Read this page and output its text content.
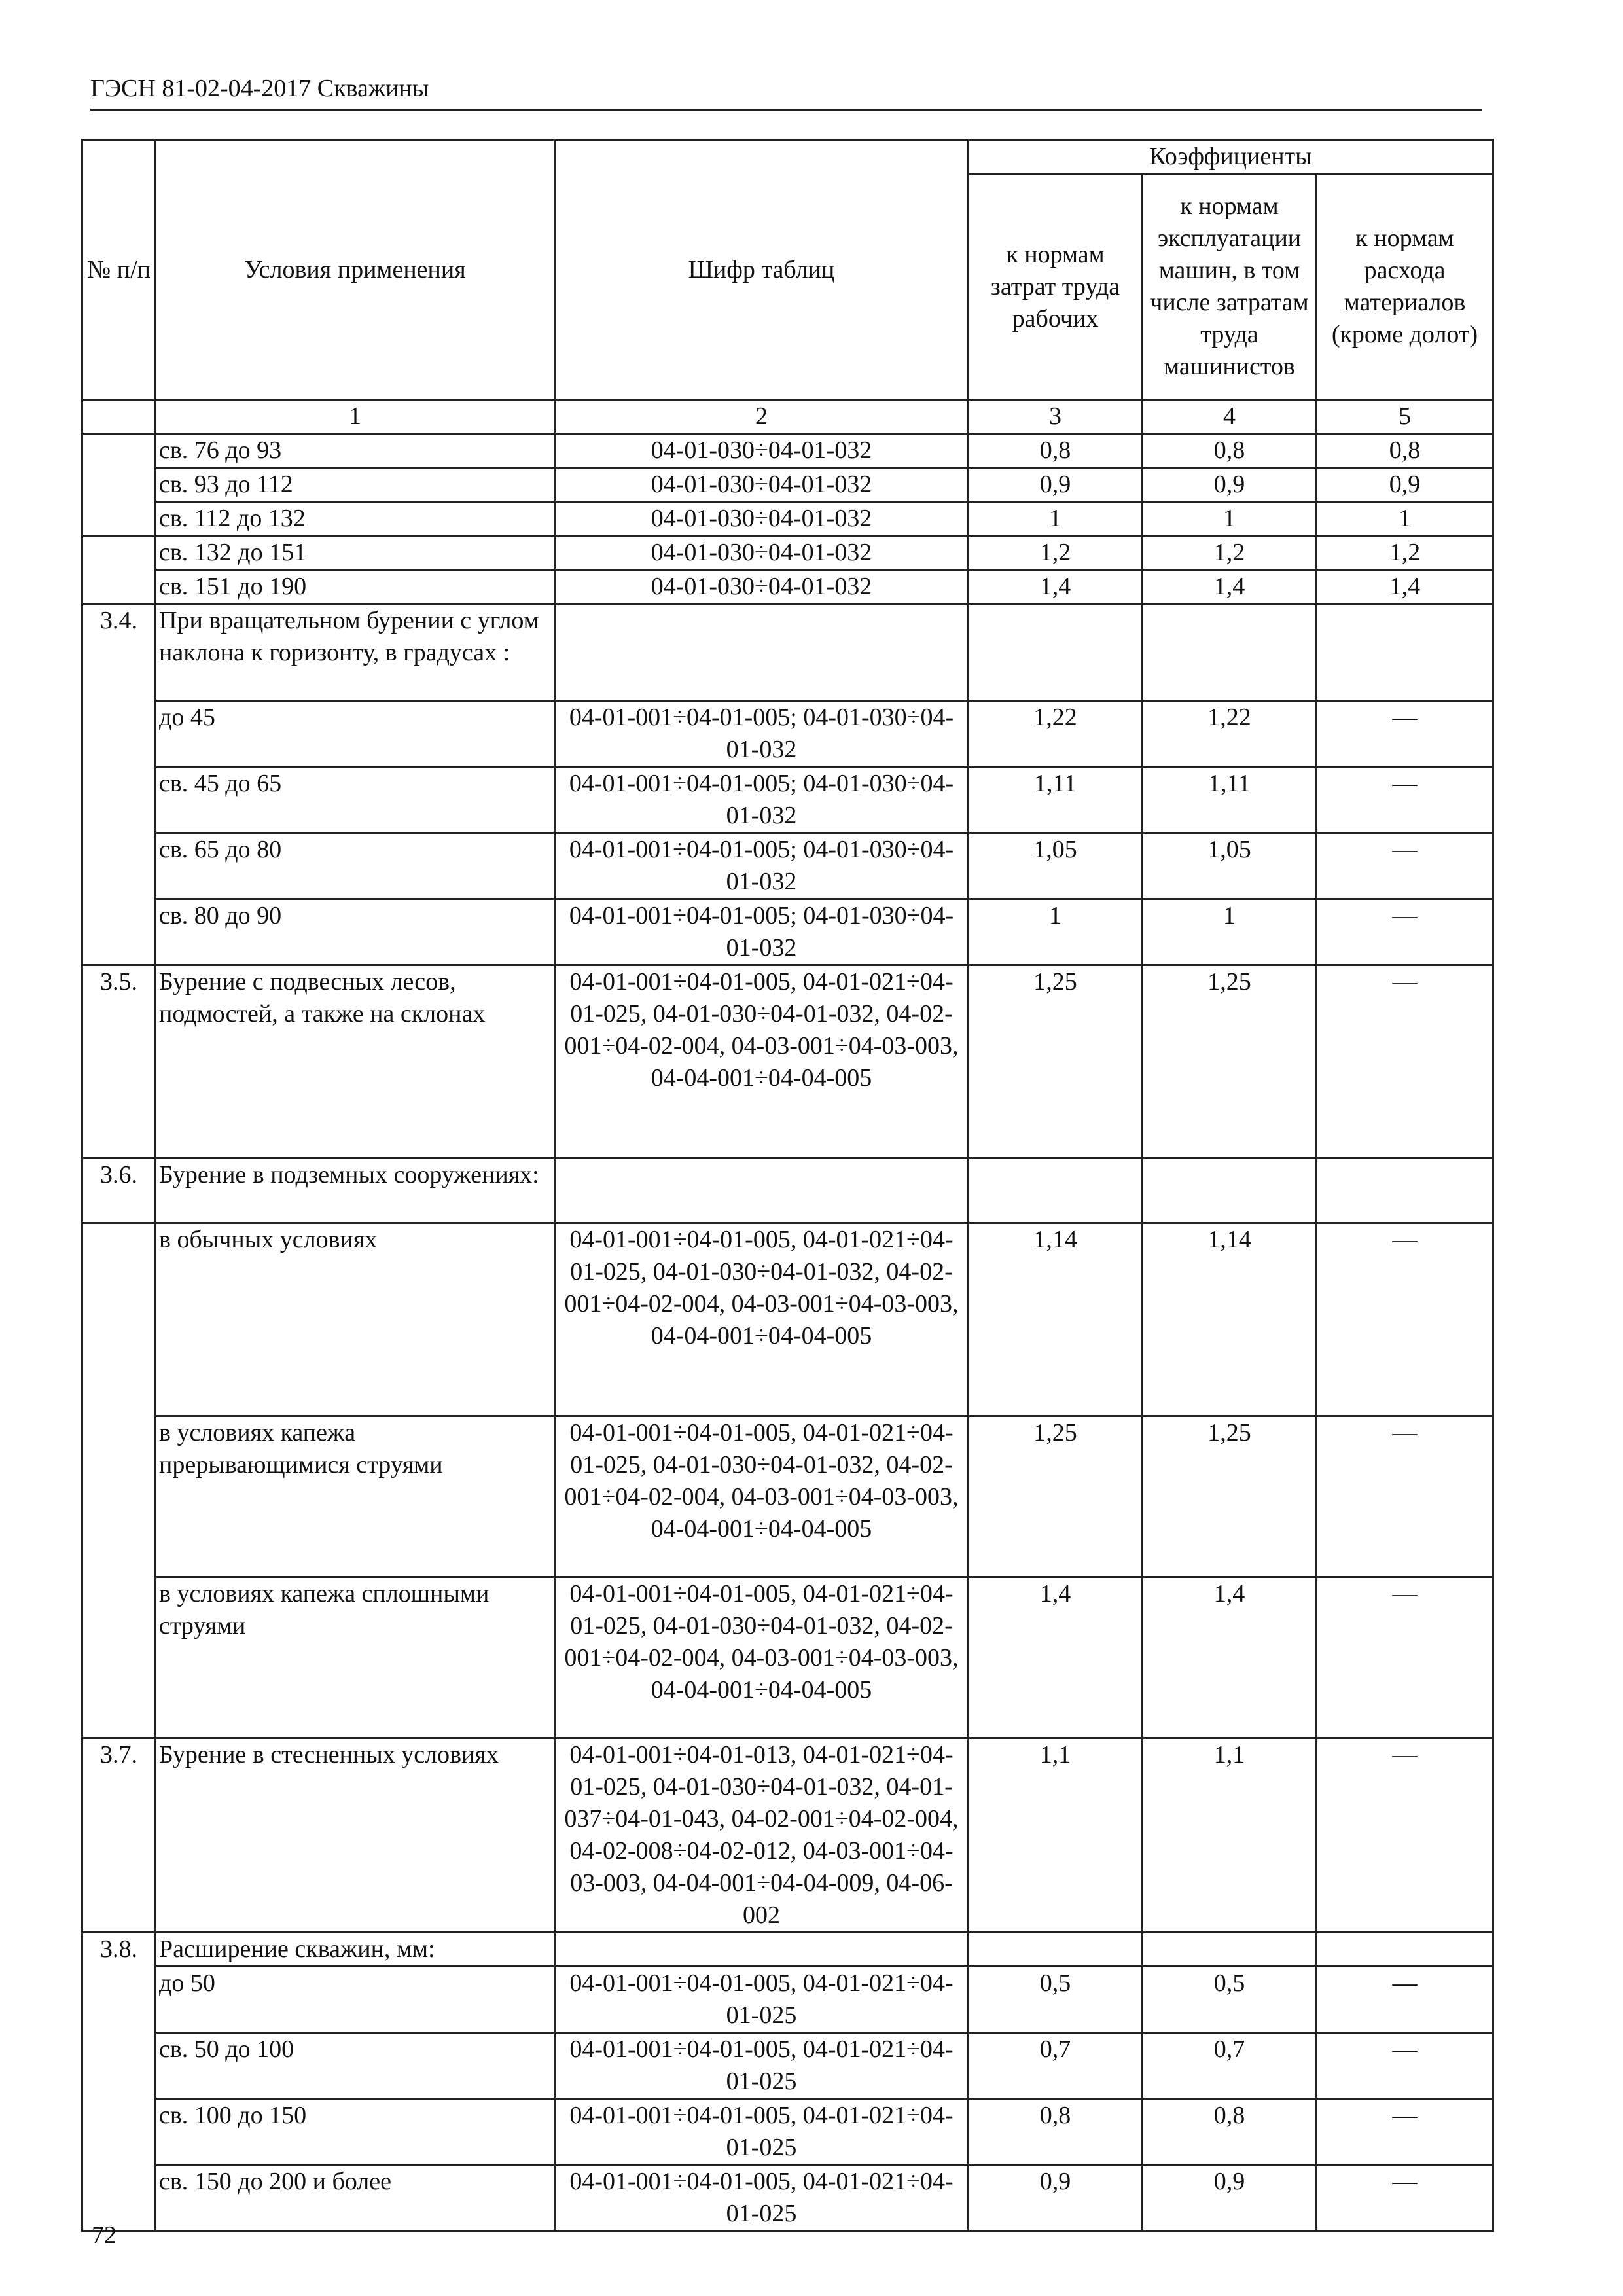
ГЭСН 81-02-04-2017 Скважины
№ п/п	Условия применения	Шифр таблиц	Коэффициенты		
			к нормам затрат труда рабочих	к нормам эксплуатации машин, в том числе затратам труда машинистов	к нормам расхода материалов (кроме долот)
	1	2	3	4	5
	св. 76 до 93	04-01-030÷04-01-032	0,8	0,8	0,8
	св. 93 до 112	04-01-030÷04-01-032	0,9	0,9	0,9
	св. 112 до 132	04-01-030÷04-01-032	1	1	1
	св. 132 до 151	04-01-030÷04-01-032	1,2	1,2	1,2
	св. 151 до 190	04-01-030÷04-01-032	1,4	1,4	1,4
3.4.	При вращательном бурении с углом наклона к горизонту, в градусах :				
	до 45	04-01-001÷04-01-005; 04-01-030÷04-01-032	1,22	1,22	—
	св. 45 до 65	04-01-001÷04-01-005; 04-01-030÷04-01-032	1,11	1,11	—
	св. 65 до 80	04-01-001÷04-01-005; 04-01-030÷04-01-032	1,05	1,05	—
	св. 80 до 90	04-01-001÷04-01-005; 04-01-030÷04-01-032	1	1	—
3.5.	Бурение с подвесных лесов, подмостей, а также на склонах	04-01-001÷04-01-005, 04-01-021÷04-01-025, 04-01-030÷04-01-032, 04-02-001÷04-02-004, 04-03-001÷04-03-003, 04-04-001÷04-04-005	1,25	1,25	—
3.6.	Бурение в подземных сооружениях:				
	в обычных условиях	04-01-001÷04-01-005, 04-01-021÷04-01-025, 04-01-030÷04-01-032, 04-02-001÷04-02-004, 04-03-001÷04-03-003, 04-04-001÷04-04-005	1,14	1,14	—
	в условиях капежа прерывающимися струями	04-01-001÷04-01-005, 04-01-021÷04-01-025, 04-01-030÷04-01-032, 04-02-001÷04-02-004, 04-03-001÷04-03-003, 04-04-001÷04-04-005	1,25	1,25	—
	в условиях капежа сплошными струями	04-01-001÷04-01-005, 04-01-021÷04-01-025, 04-01-030÷04-01-032, 04-02-001÷04-02-004, 04-03-001÷04-03-003, 04-04-001÷04-04-005	1,4	1,4	—
3.7.	Бурение в стесненных условиях	04-01-001÷04-01-013, 04-01-021÷04-01-025, 04-01-030÷04-01-032, 04-01-037÷04-01-043, 04-02-001÷04-02-004, 04-02-008÷04-02-012, 04-03-001÷04-03-003, 04-04-001÷04-04-009, 04-06-002	1,1	1,1	—
3.8.	Расширение скважин, мм:				
	до 50	04-01-001÷04-01-005, 04-01-021÷04-01-025	0,5	0,5	—
	св. 50 до 100	04-01-001÷04-01-005, 04-01-021÷04-01-025	0,7	0,7	—
	св. 100 до 150	04-01-001÷04-01-005, 04-01-021÷04-01-025	0,8	0,8	—
	св. 150 до 200 и более	04-01-001÷04-01-005, 04-01-021÷04-01-025	0,9	0,9	—
72
